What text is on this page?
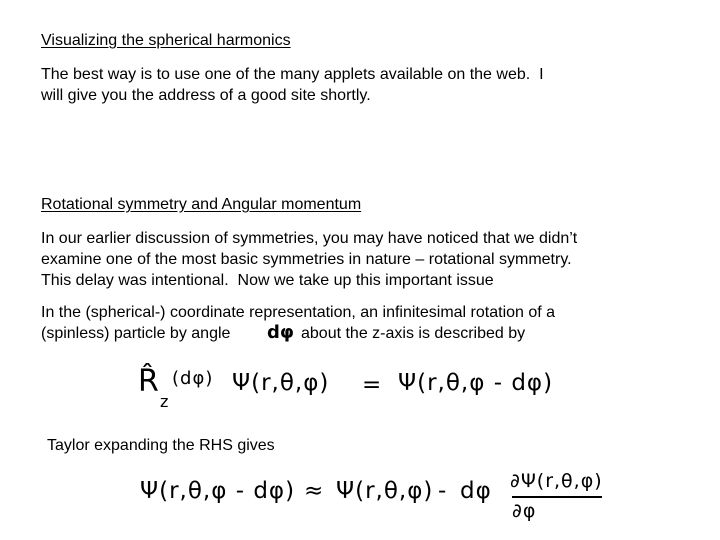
Visualizing the spherical harmonics
The best way is to use one of the many applets available on the web.  I
will give you the address of a good site shortly.
Rotational symmetry and Angular momentum
In our earlier discussion of symmetries, you may have noticed that we didn’t
examine one of the most basic symmetries in nature – rotational symmetry.
This delay was intentional.  Now we take up this important issue
In the (spherical-) coordinate representation, an infinitesimal rotation of a
(spinless) particle by angle dφ about the z-axis is described by
R̂
z
(dφ) Ψ(r,θ,φ) = Ψ(r,θ,φ - dφ)
Taylor expanding the RHS gives
Ψ(r,θ,φ - dφ) ≈ Ψ(r,θ,φ) - dφ ∂Ψ(r,θ,φ)
∂φ
